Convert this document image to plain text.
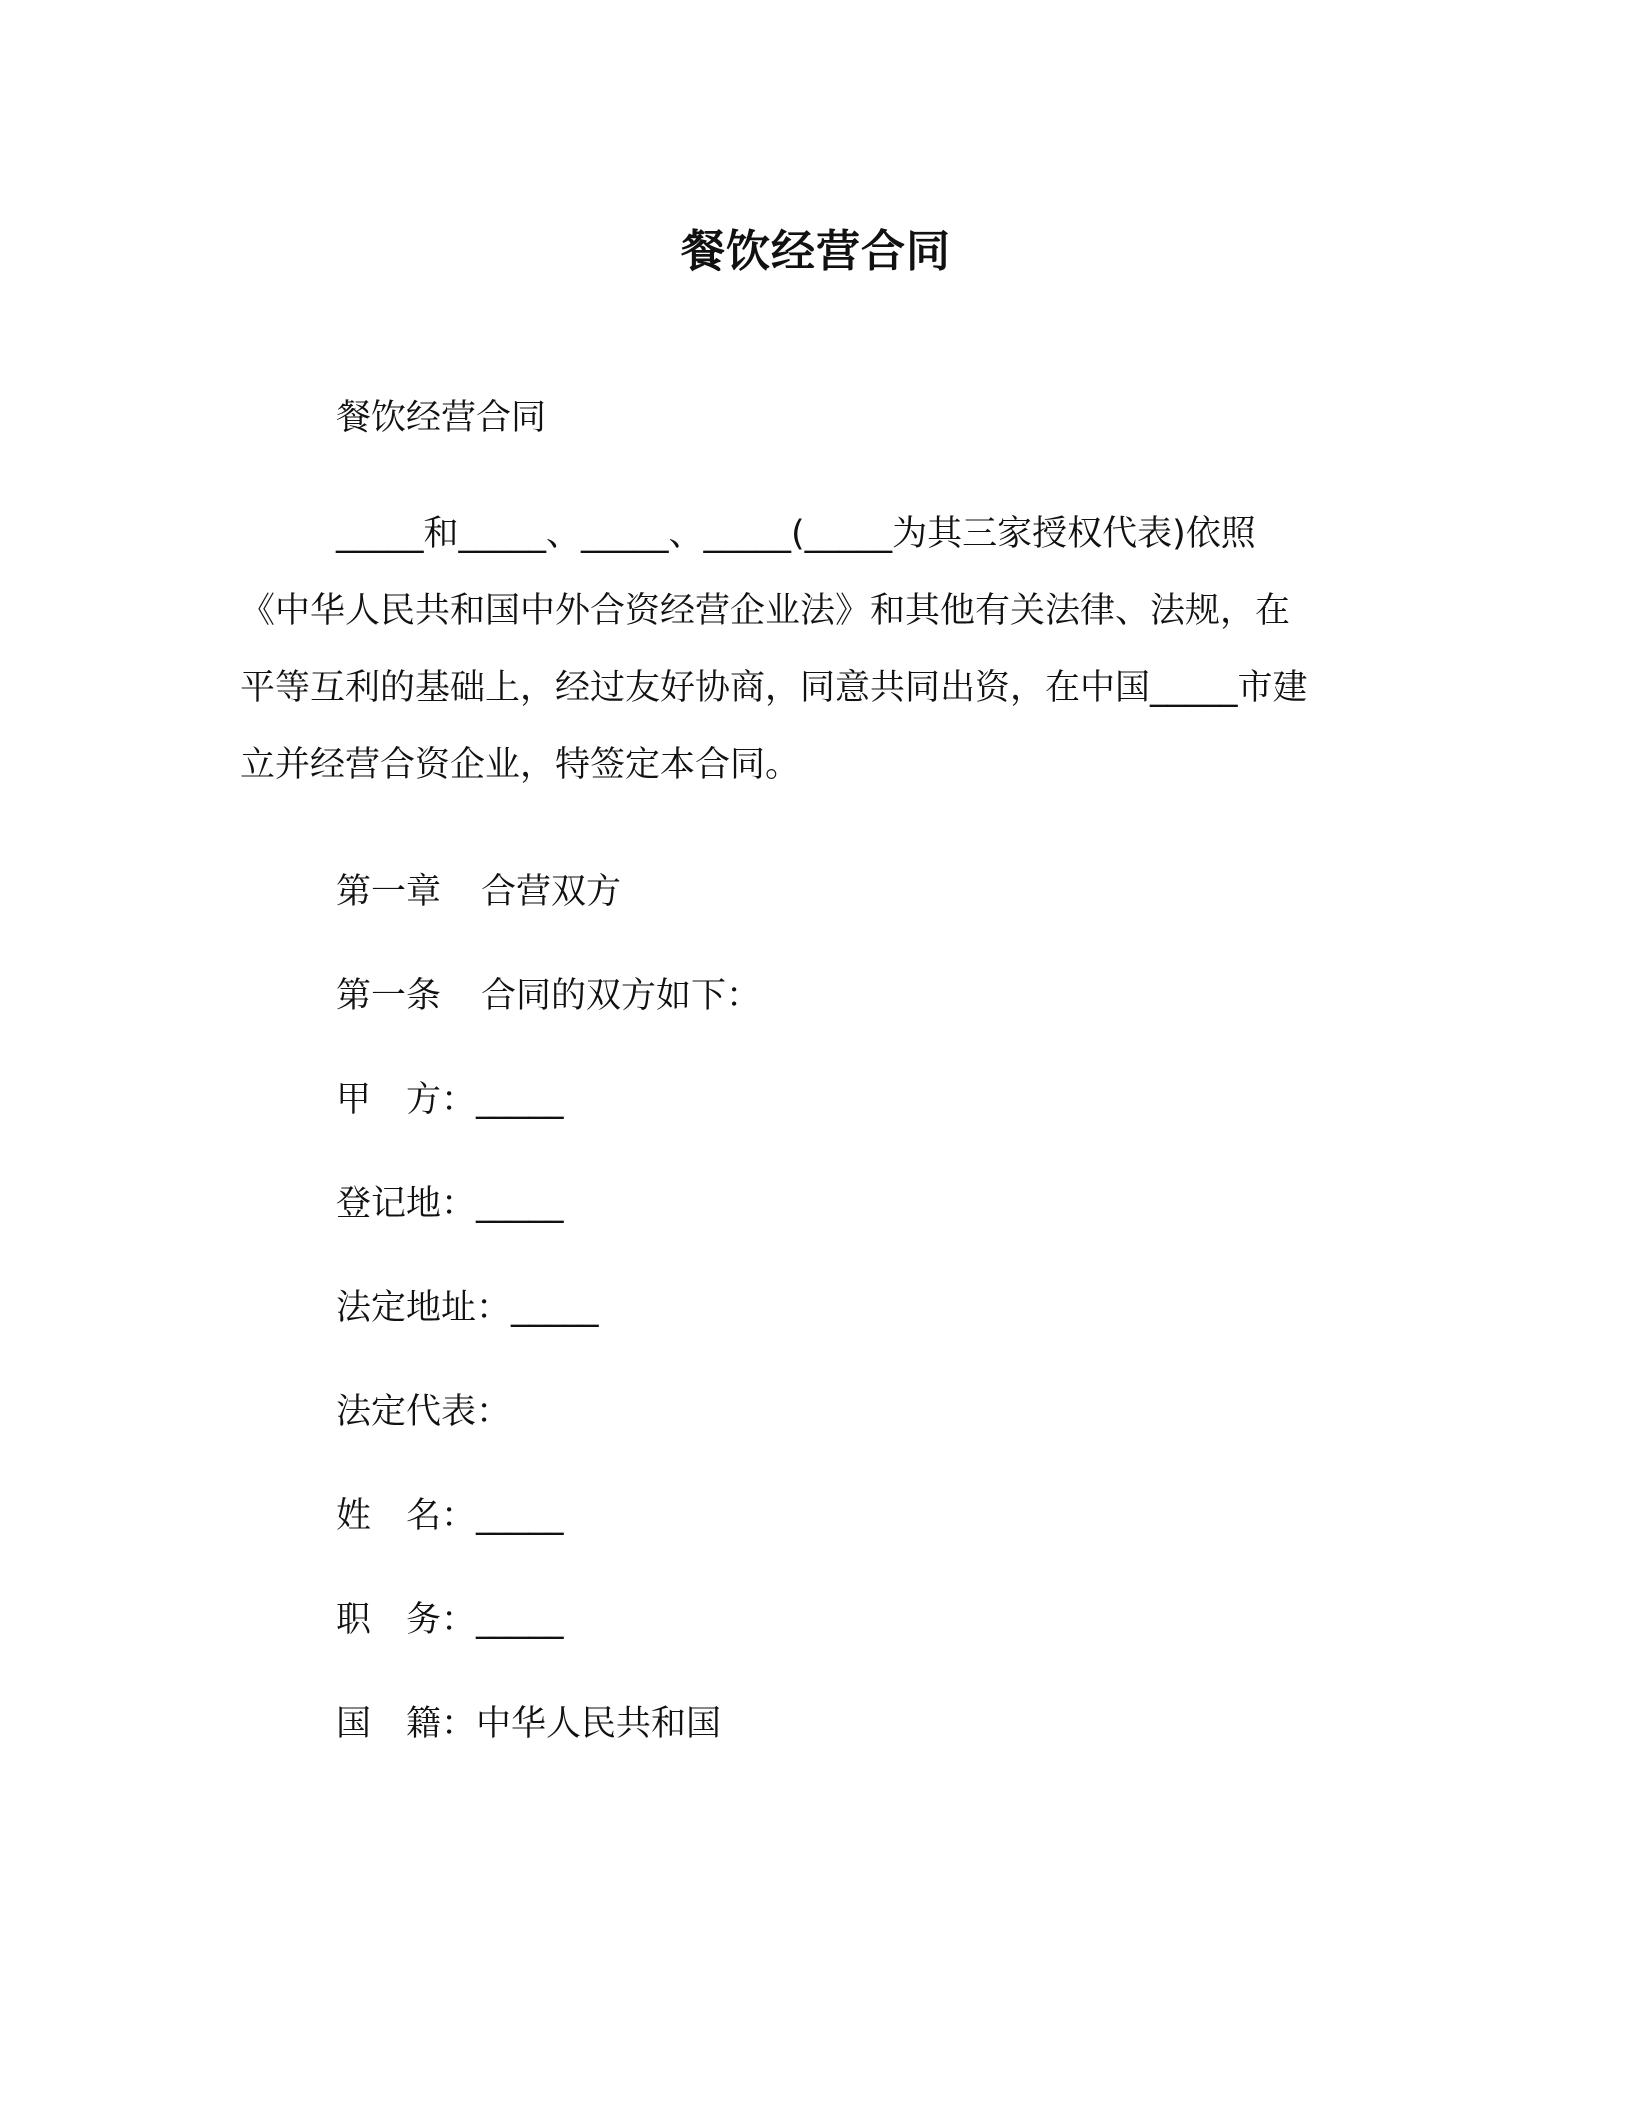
餐饮经营合同

餐饮经营合同

_____和_____、_____、_____(_____为其三家授权代表)依照
《中华人民共和国中外合资经营企业法》和其他有关法律、法规，在
平等互利的基础上，经过友好协商，同意共同出资，在中国_____市建
立并经营合资企业，特签定本合同。
第一章 合营双方
第一条 合同的双方如下：
甲　方：_____
登记地：_____
法定地址：_____
法定代表：
姓　名：_____
职　务：_____
国　籍：中华人民共和国
